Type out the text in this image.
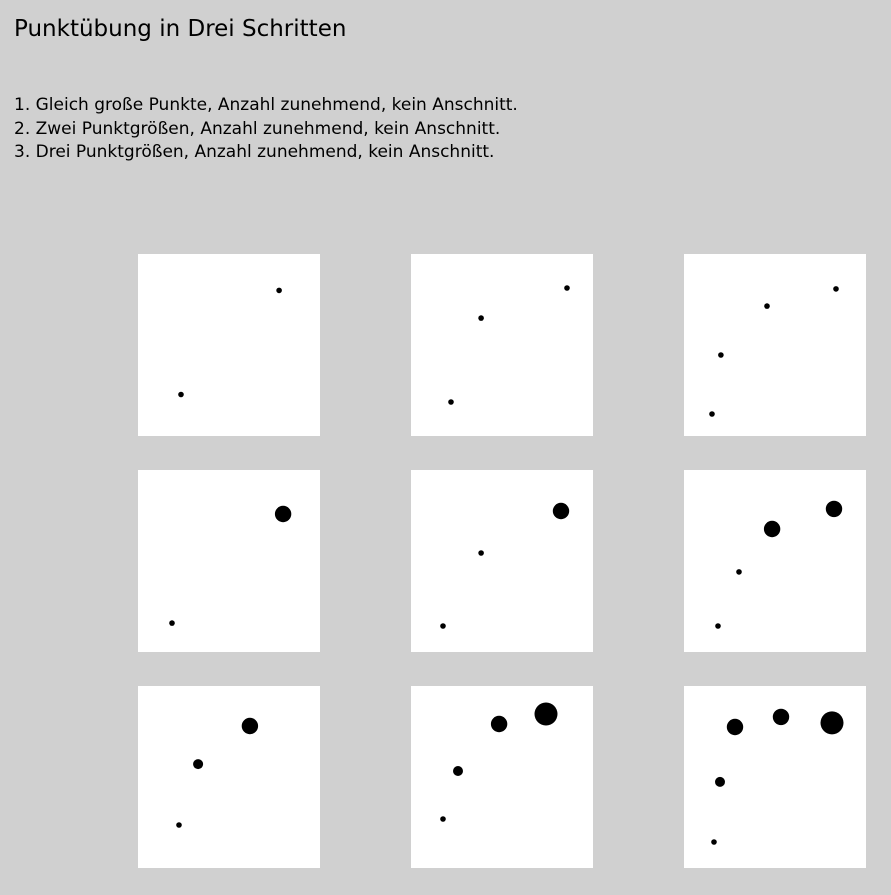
Punktübung in Drei Schritten
1. Gleich große Punkte, Anzahl zunehmend, kein Anschnitt.
2. Zwei Punktgrößen, Anzahl zunehmend, kein Anschnitt.
3. Drei Punktgrößen, Anzahl zunehmend, kein Anschnitt.
